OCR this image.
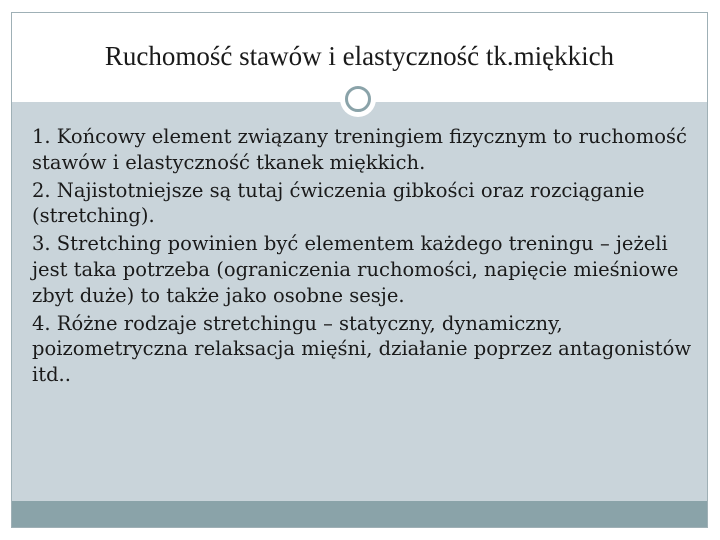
Ruchomość stawów i elastyczność tk.miękkich
1. Końcowy element związany treningiem fizycznym to ruchomość stawów i elastyczność tkanek miękkich.
2. Najistotniejsze są tutaj ćwiczenia gibkości oraz rozciąganie (stretching).
3. Stretching powinien być elementem każdego treningu – jeżeli jest taka potrzeba (ograniczenia ruchomości, napięcie mieśniowe zbyt duże) to także jako osobne sesje.
4. Różne rodzaje stretchingu – statyczny, dynamiczny, poizometryczna relaksacja mięśni, działanie poprzez antagonistów itd..
